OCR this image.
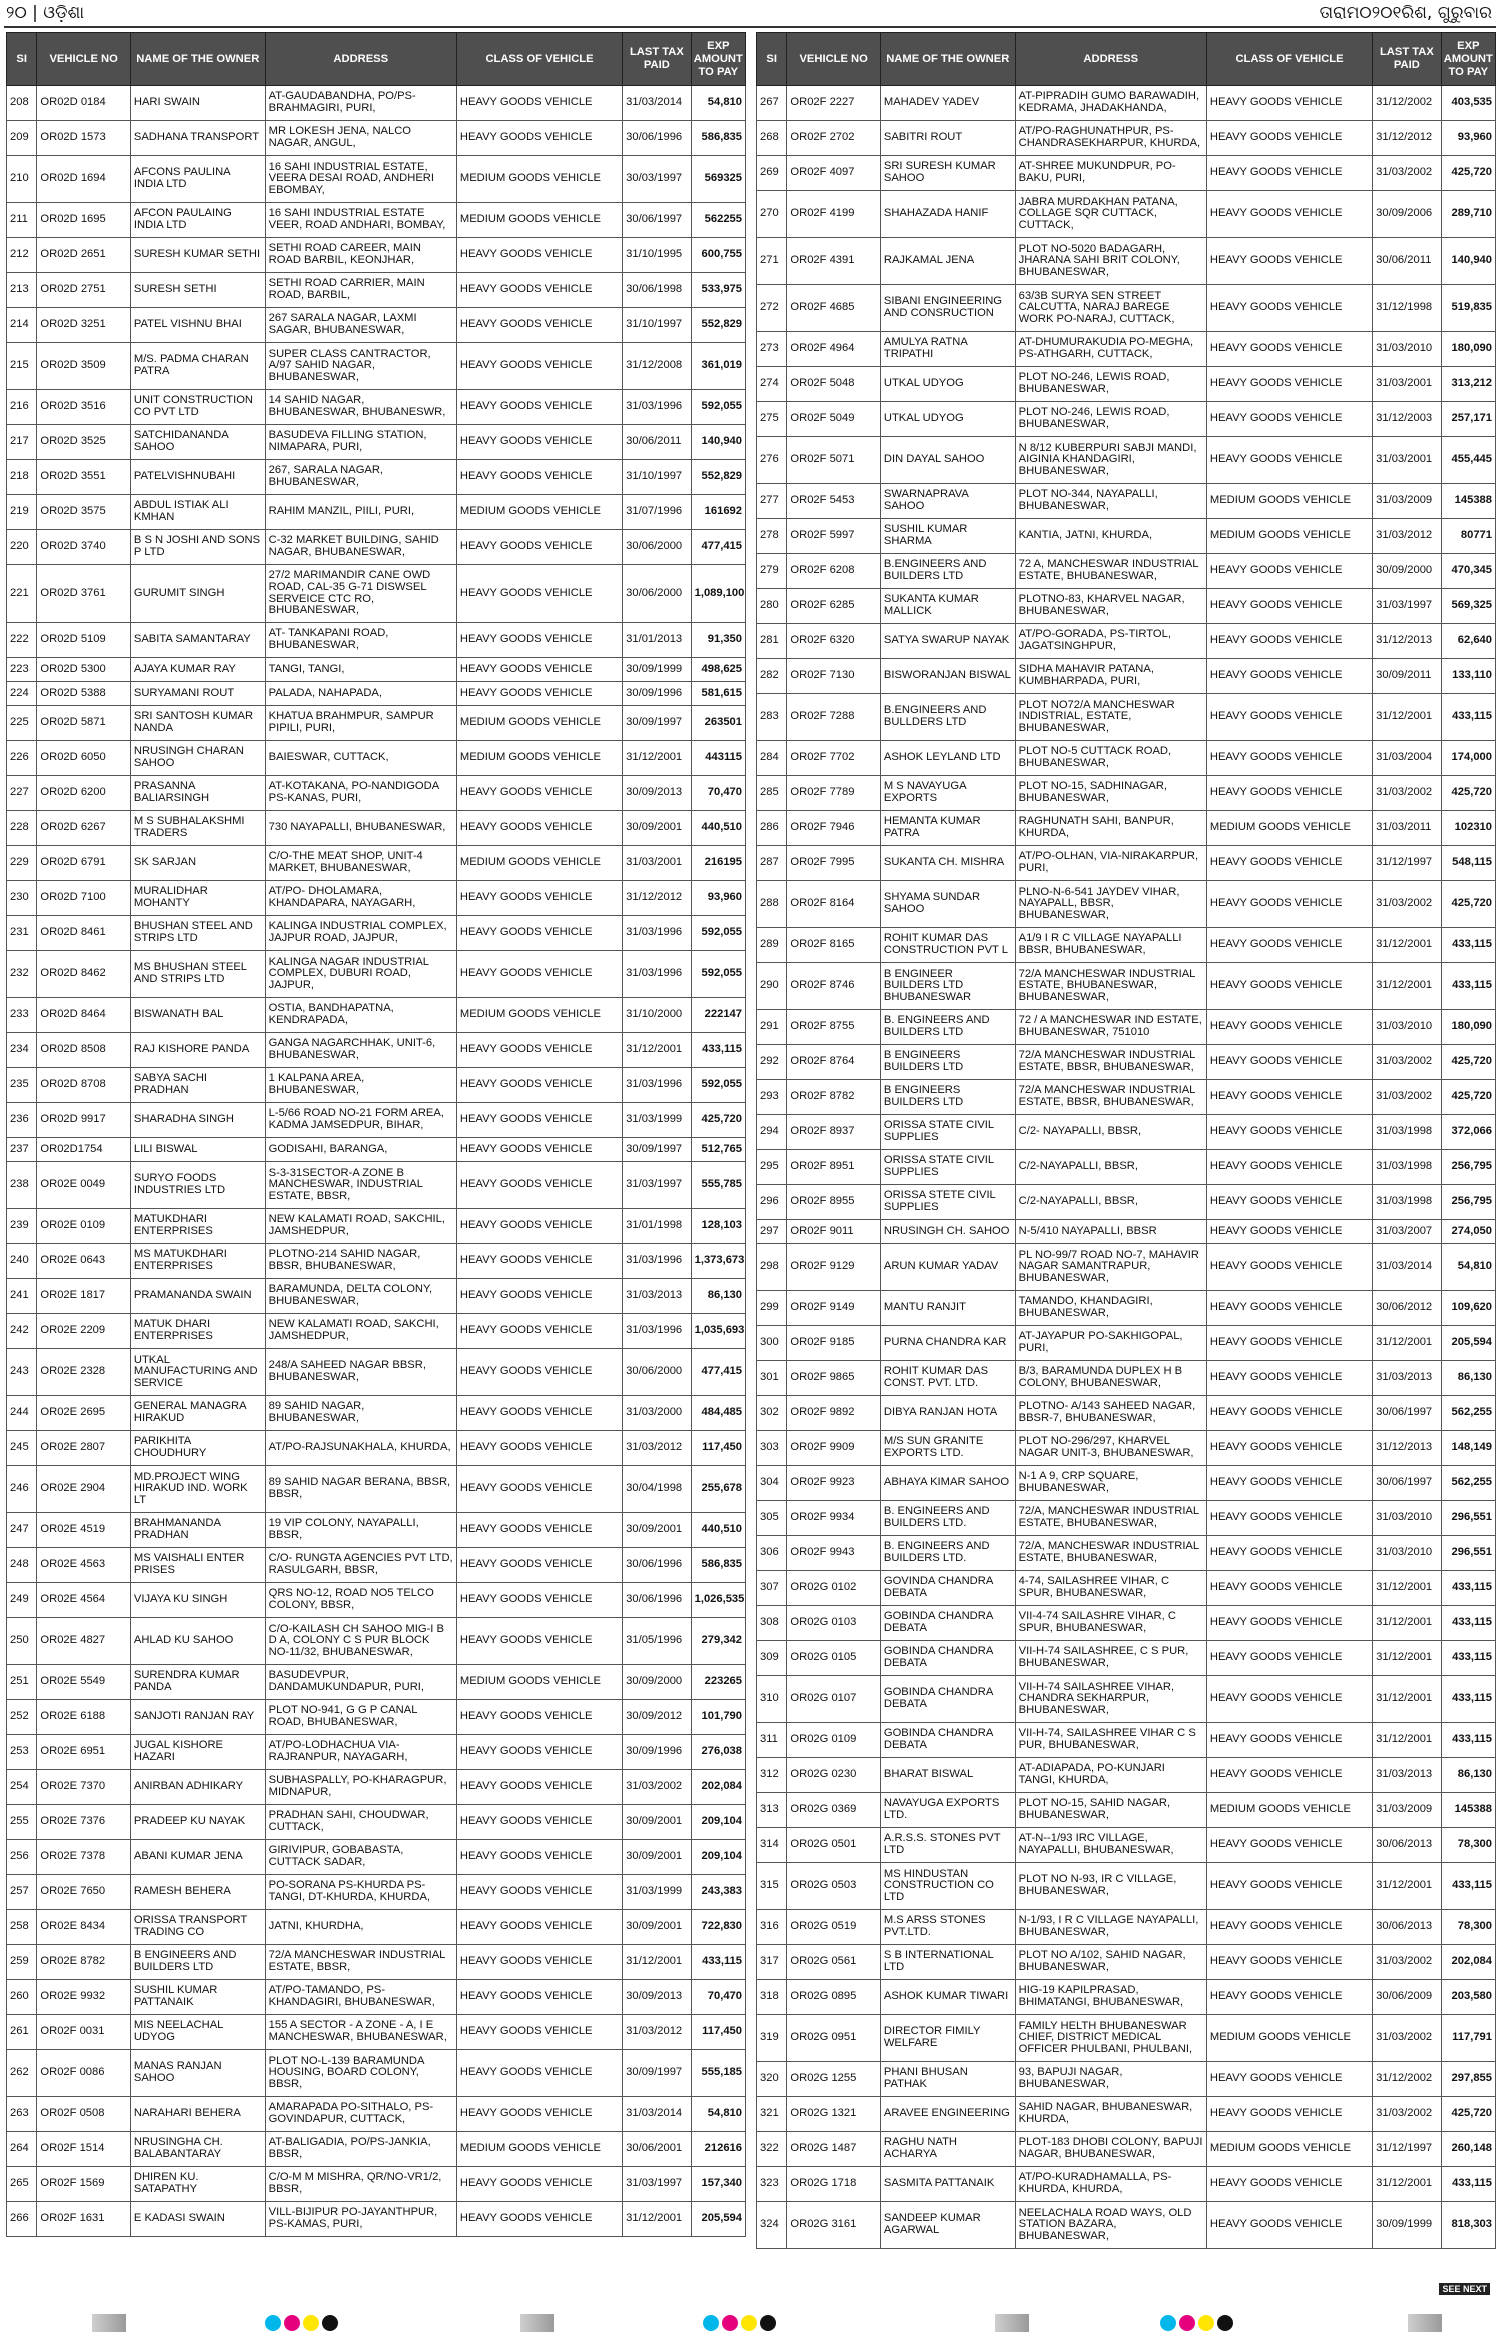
୨୦ | ଓଡ଼ିଶା	ତାରାମ୦୨୦୧ରିଶ, ଗୁରୁବାର
SI	VEHICLE NO	NAME OF THE OWNER	ADDRESS	CLASS OF VEHICLE	LAST TAX PAID	EXP AMOUNT TO PAY
208	OR02D 0184	HARI SWAIN	AT-GAUDABANDHA, PO/PS-BRAHMAGIRI, PURI,	HEAVY GOODS VEHICLE	31/03/2014	54,810
209	OR02D 1573	SADHANA TRANSPORT	MR LOKESH JENA, NALCO NAGAR, ANGUL,	HEAVY GOODS VEHICLE	30/06/1996	586,835
210	OR02D 1694	AFCONS PAULINA INDIA LTD	16 SAHI INDUSTRIAL ESTATE, VEERA DESAI ROAD, ANDHERI EBOMBAY,	MEDIUM GOODS VEHICLE	30/03/1997	569325
211	OR02D 1695	AFCON PAULAING INDIA LTD	16 SAHI INDUSTRIAL ESTATE VEER, ROAD ANDHARI, BOMBAY,	MEDIUM GOODS VEHICLE	30/06/1997	562255
212	OR02D 2651	SURESH KUMAR SETHI	SETHI ROAD CAREER, MAIN ROAD BARBIL, KEONJHAR,	HEAVY GOODS VEHICLE	31/10/1995	600,755
213	OR02D 2751	SURESH SETHI	SETHI ROAD CARRIER, MAIN ROAD, BARBIL,	HEAVY GOODS VEHICLE	30/06/1998	533,975
214	OR02D 3251	PATEL VISHNU BHAI	267 SARALA NAGAR, LAXMI SAGAR, BHUBANESWAR,	HEAVY GOODS VEHICLE	31/10/1997	552,829
215	OR02D 3509	M/S. PADMA CHARAN PATRA	SUPER CLASS CANTRACTOR, A/97 SAHID NAGAR, BHUBANESWAR,	HEAVY GOODS VEHICLE	31/12/2008	361,019
216	OR02D 3516	UNIT CONSTRUCTION CO PVT LTD	14 SAHID NAGAR, BHUBANESWAR, BHUBANESWR,	HEAVY GOODS VEHICLE	31/03/1996	592,055
217	OR02D 3525	SATCHIDANANDA SAHOO	BASUDEVA FILLING STATION, NIMAPARA, PURI,	HEAVY GOODS VEHICLE	30/06/2011	140,940
218	OR02D 3551	PATELVISHNUBAHI	267, SARALA NAGAR, BHUBANESWAR,	HEAVY GOODS VEHICLE	31/10/1997	552,829
219	OR02D 3575	ABDUL ISTIAK ALI KMHAN	RAHIM MANZIL, PIILI, PURI,	MEDIUM GOODS VEHICLE	31/07/1996	161692
220	OR02D 3740	B S N JOSHI AND SONS P LTD	C-32 MARKET BUILDING, SAHID NAGAR, BHUBANESWAR,	HEAVY GOODS VEHICLE	30/06/2000	477,415
221	OR02D 3761	GURUMIT SINGH	27/2 MARIMANDIR CANE OWD ROAD, CAL-35 G-71 DISWSEL SERVEICE CTC RO, BHUBANESWAR,	HEAVY GOODS VEHICLE	30/06/2000	1,089,100
222	OR02D 5109	SABITA SAMANTARAY	AT- TANKAPANI ROAD, BHUBANESWAR,	HEAVY GOODS VEHICLE	31/01/2013	91,350
223	OR02D 5300	AJAYA KUMAR RAY	TANGI, TANGI,	HEAVY GOODS VEHICLE	30/09/1999	498,625
224	OR02D 5388	SURYAMANI ROUT	PALADA, NAHAPADA,	HEAVY GOODS VEHICLE	30/09/1996	581,615
225	OR02D 5871	SRI SANTOSH KUMAR NANDA	KHATUA BRAHMPUR, SAMPUR PIPILI, PURI,	MEDIUM GOODS VEHICLE	30/09/1997	263501
226	OR02D 6050	NRUSINGH CHARAN SAHOO	BAIESWAR, CUTTACK,	MEDIUM GOODS VEHICLE	31/12/2001	443115
227	OR02D 6200	PRASANNA BALIARSINGH	AT-KOTAKANA, PO-NANDIGODA PS-KANAS, PURI,	HEAVY GOODS VEHICLE	30/09/2013	70,470
228	OR02D 6267	M S SUBHALAKSHMI TRADERS	730 NAYAPALLI, BHUBANESWAR,	HEAVY GOODS VEHICLE	30/09/2001	440,510
229	OR02D 6791	SK SARJAN	C/O-THE MEAT SHOP, UNIT-4 MARKET, BHUBANESWAR,	MEDIUM GOODS VEHICLE	31/03/2001	216195
230	OR02D 7100	MURALIDHAR MOHANTY	AT/PO- DHOLAMARA, KHANDAPARA, NAYAGARH,	HEAVY GOODS VEHICLE	31/12/2012	93,960
231	OR02D 8461	BHUSHAN STEEL AND STRIPS LTD	KALINGA INDUSTRIAL COMPLEX, JAJPUR ROAD, JAJPUR,	HEAVY GOODS VEHICLE	31/03/1996	592,055
232	OR02D 8462	MS BHUSHAN STEEL AND STRIPS LTD	KALINGA NAGAR INDUSTRIAL COMPLEX, DUBURI ROAD, JAJPUR,	HEAVY GOODS VEHICLE	31/03/1996	592,055
233	OR02D 8464	BISWANATH BAL	OSTIA, BANDHAPATNA, KENDRAPADA,	MEDIUM GOODS VEHICLE	31/10/2000	222147
234	OR02D 8508	RAJ KISHORE PANDA	GANGA NAGARCHHAK, UNIT-6, BHUBANESWAR,	HEAVY GOODS VEHICLE	31/12/2001	433,115
235	OR02D 8708	SABYA SACHI PRADHAN	1 KALPANA AREA, BHUBANESWAR,	HEAVY GOODS VEHICLE	31/03/1996	592,055
236	OR02D 9917	SHARADHA SINGH	L-5/66 ROAD NO-21 FORM AREA, KADMA JAMSEDPUR, BIHAR,	HEAVY GOODS VEHICLE	31/03/1999	425,720
237	OR02D1754	LILI BISWAL	GODISAHI, BARANGA,	HEAVY GOODS VEHICLE	30/09/1997	512,765
238	OR02E 0049	SURYO FOODS INDUSTRIES LTD	S-3-31SECTOR-A ZONE B MANCHESWAR, INDUSTRIAL ESTATE, BBSR,	HEAVY GOODS VEHICLE	31/03/1997	555,785
239	OR02E 0109	MATUKDHARI ENTERPRISES	NEW KALAMATI ROAD, SAKCHIL, JAMSHEDPUR,	HEAVY GOODS VEHICLE	31/01/1998	128,103
240	OR02E 0643	MS MATUKDHARI ENTERPRISES	PLOTNO-214 SAHID NAGAR, BBSR, BHUBANESWAR,	HEAVY GOODS VEHICLE	31/03/1996	1,373,673
241	OR02E 1817	PRAMANANDA SWAIN	BARAMUNDA, DELTA COLONY, BHUBANESWAR,	HEAVY GOODS VEHICLE	31/03/2013	86,130
242	OR02E 2209	MATUK DHARI ENTERPRISES	NEW KALAMATI ROAD, SAKCHI, JAMSHEDPUR,	HEAVY GOODS VEHICLE	31/03/1996	1,035,693
243	OR02E 2328	UTKAL MANUFACTURING AND SERVICE	248/A SAHEED NAGAR BBSR, BHUBANESWAR,	HEAVY GOODS VEHICLE	30/06/2000	477,415
244	OR02E 2695	GENERAL MANAGRA HIRAKUD	89 SAHID NAGAR, BHUBANESWAR,	HEAVY GOODS VEHICLE	31/03/2000	484,485
245	OR02E 2807	PARIKHITA CHOUDHURY	AT/PO-RAJSUNAKHALA, KHURDA,	HEAVY GOODS VEHICLE	31/03/2012	117,450
246	OR02E 2904	MD.PROJECT WING HIRAKUD IND. WORK LT	89 SAHID NAGAR BERANA, BBSR, BBSR,	HEAVY GOODS VEHICLE	30/04/1998	255,678
247	OR02E 4519	BRAHMANANDA PRADHAN	19 VIP COLONY, NAYAPALLI, BBSR,	HEAVY GOODS VEHICLE	30/09/2001	440,510
248	OR02E 4563	MS VAISHALI ENTER PRISES	C/O- RUNGTA AGENCIES PVT LTD, RASULGARH, BBSR,	HEAVY GOODS VEHICLE	30/06/1996	586,835
249	OR02E 4564	VIJAYA KU SINGH	QRS NO-12, ROAD NO5 TELCO COLONY, BBSR,	HEAVY GOODS VEHICLE	30/06/1996	1,026,535
250	OR02E 4827	AHLAD KU SAHOO	C/O-KAILASH CH SAHOO MIG-I B D A, COLONY C S PUR BLOCK NO-11/32, BHUBANESWAR,	HEAVY GOODS VEHICLE	31/05/1996	279,342
251	OR02E 5549	SURENDRA KUMAR PANDA	BASUDEVPUR, DANDAMUKUNDAPUR, PURI,	MEDIUM GOODS VEHICLE	30/09/2000	223265
252	OR02E 6188	SANJOTI RANJAN RAY	PLOT NO-941, G G P CANAL ROAD, BHUBANESWAR,	HEAVY GOODS VEHICLE	30/09/2012	101,790
253	OR02E 6951	JUGAL KISHORE HAZARI	AT/PO-LODHACHUA VIA-RAJRANPUR, NAYAGARH,	HEAVY GOODS VEHICLE	30/09/1996	276,038
254	OR02E 7370	ANIRBAN ADHIKARY	SUBHASPALLY, PO-KHARAGPUR, MIDNAPUR,	HEAVY GOODS VEHICLE	31/03/2002	202,084
255	OR02E 7376	PRADEEP KU NAYAK	PRADHAN SAHI, CHOUDWAR, CUTTACK,	HEAVY GOODS VEHICLE	30/09/2001	209,104
256	OR02E 7378	ABANI KUMAR JENA	GIRIVIPUR, GOBABASTA, CUTTACK SADAR,	HEAVY GOODS VEHICLE	30/09/2001	209,104
257	OR02E 7650	RAMESH BEHERA	PO-SORANA PS-KHURDA PS-TANGI, DT-KHURDA, KHURDA,	HEAVY GOODS VEHICLE	31/03/1999	243,383
258	OR02E 8434	ORISSA TRANSPORT TRADING CO	JATNI, KHURDHA,	HEAVY GOODS VEHICLE	30/09/2001	722,830
259	OR02E 8782	B ENGINEERS AND BUILDERS LTD	72/A MANCHESWAR INDUSTRIAL ESTATE, BBSR,	HEAVY GOODS VEHICLE	31/12/2001	433,115
260	OR02E 9932	SUSHIL KUMAR PATTANAIK	AT/PO-TAMANDO, PS-KHANDAGIRI, BHUBANESWAR,	HEAVY GOODS VEHICLE	30/09/2013	70,470
261	OR02F 0031	MIS NEELACHAL UDYOG	155 A SECTOR - A ZONE - A, I E MANCHESWAR, BHUBANESWAR,	HEAVY GOODS VEHICLE	31/03/2012	117,450
262	OR02F 0086	MANAS RANJAN SAHOO	PLOT NO-L-139 BARAMUNDA HOUSING, BOARD COLONY, BBSR,	HEAVY GOODS VEHICLE	30/09/1997	555,185
263	OR02F 0508	NARAHARI BEHERA	AMARAPADA PO-SITHALO, PS-GOVINDAPUR, CUTTACK,	HEAVY GOODS VEHICLE	31/03/2014	54,810
264	OR02F 1514	NRUSINGHA CH. BALABANTARAY	AT-BALIGADIA, PO/PS-JANKIA, BBSR,	MEDIUM GOODS VEHICLE	30/06/2001	212616
265	OR02F 1569	DHIREN KU. SATAPATHY	C/O-M M MISHRA, QR/NO-VR1/2, BBSR,	HEAVY GOODS VEHICLE	31/03/1997	157,340
266	OR02F 1631	E KADASI SWAIN	VILL-BIJIPUR PO-JAYANTHPUR, PS-KAMAS, PURI,	HEAVY GOODS VEHICLE	31/12/2001	205,594
SI	VEHICLE NO	NAME OF THE OWNER	ADDRESS	CLASS OF VEHICLE	LAST TAX PAID	EXP AMOUNT TO PAY
267	OR02F 2227	MAHADEV YADEV	AT-PIPRADIH GUMO BARAWADIH, KEDRAMA, JHADAKHANDA,	HEAVY GOODS VEHICLE	31/12/2002	403,535
268	OR02F 2702	SABITRI ROUT	AT/PO-RAGHUNATHPUR, PS-CHANDRASEKHARPUR, KHURDA,	HEAVY GOODS VEHICLE	31/12/2012	93,960
269	OR02F 4097	SRI SURESH KUMAR SAHOO	AT-SHREE MUKUNDPUR, PO-BAKU, PURI,	HEAVY GOODS VEHICLE	31/03/2002	425,720
270	OR02F 4199	SHAHAZADA HANIF	JABRA MURDAKHAN PATANA, COLLAGE SQR CUTTACK, CUTTACK,	HEAVY GOODS VEHICLE	30/09/2006	289,710
271	OR02F 4391	RAJKAMAL JENA	PLOT NO-5020 BADAGARH, JHARANA SAHI BRIT COLONY, BHUBANESWAR,	HEAVY GOODS VEHICLE	30/06/2011	140,940
272	OR02F 4685	SIBANI ENGINEERING AND CONSRUCTION	63/3B SURYA SEN STREET CALCUTTA, NARAJ BAREGE WORK PO-NARAJ, CUTTACK,	HEAVY GOODS VEHICLE	31/12/1998	519,835
273	OR02F 4964	AMULYA RATNA TRIPATHI	AT-DHUMURAKUDIA PO-MEGHA, PS-ATHGARH, CUTTACK,	HEAVY GOODS VEHICLE	31/03/2010	180,090
274	OR02F 5048	UTKAL UDYOG	PLOT NO-246, LEWIS ROAD, BHUBANESWAR,	HEAVY GOODS VEHICLE	31/03/2001	313,212
275	OR02F 5049	UTKAL UDYOG	PLOT NO-246, LEWIS ROAD, BHUBANESWAR,	HEAVY GOODS VEHICLE	31/12/2003	257,171
276	OR02F 5071	DIN DAYAL SAHOO	N 8/12 KUBERPURI SABJI MANDI, AIGINIA KHANDAGIRI, BHUBANESWAR,	HEAVY GOODS VEHICLE	31/03/2001	455,445
277	OR02F 5453	SWARNAPRAVA SAHOO	PLOT NO-344, NAYAPALLI, BHUBANESWAR,	MEDIUM GOODS VEHICLE	31/03/2009	145388
278	OR02F 5997	SUSHIL KUMAR SHARMA	KANTIA, JATNI, KHURDA,	MEDIUM GOODS VEHICLE	31/03/2012	80771
279	OR02F 6208	B.ENGINEERS AND BUILDERS LTD	72 A, MANCHESWAR INDUSTRIAL ESTATE, BHUBANESWAR,	HEAVY GOODS VEHICLE	30/09/2000	470,345
280	OR02F 6285	SUKANTA KUMAR MALLICK	PLOTNO-83, KHARVEL NAGAR, BHUBANESWAR,	HEAVY GOODS VEHICLE	31/03/1997	569,325
281	OR02F 6320	SATYA SWARUP NAYAK	AT/PO-GORADA, PS-TIRTOL, JAGATSINGHPUR,	HEAVY GOODS VEHICLE	31/12/2013	62,640
282	OR02F 7130	BISWORANJAN BISWAL	SIDHA MAHAVIR PATANA, KUMBHARPADA, PURI,	HEAVY GOODS VEHICLE	30/09/2011	133,110
283	OR02F 7288	B.ENGINEERS AND BULLDERS LTD	PLOT NO72/A MANCHESWAR INDISTRIAL, ESTATE, BHUBANESWAR,	HEAVY GOODS VEHICLE	31/12/2001	433,115
284	OR02F 7702	ASHOK LEYLAND LTD	PLOT NO-5 CUTTACK ROAD, BHUBANESWAR,	HEAVY GOODS VEHICLE	31/03/2004	174,000
285	OR02F 7789	M S NAVAYUGA EXPORTS	PLOT NO-15, SADHINAGAR, BHUBANESWAR,	HEAVY GOODS VEHICLE	31/03/2002	425,720
286	OR02F 7946	HEMANTA KUMAR PATRA	RAGHUNATH SAHI, BANPUR, KHURDA,	MEDIUM GOODS VEHICLE	31/03/2011	102310
287	OR02F 7995	SUKANTA CH. MISHRA	AT/PO-OLHAN, VIA-NIRAKARPUR, PURI,	HEAVY GOODS VEHICLE	31/12/1997	548,115
288	OR02F 8164	SHYAMA SUNDAR SAHOO	PLNO-N-6-541 JAYDEV VIHAR, NAYAPALL, BBSR, BHUBANESWAR,	HEAVY GOODS VEHICLE	31/03/2002	425,720
289	OR02F 8165	ROHIT KUMAR DAS CONSTRUCTION PVT L	A1/9 I R C VILLAGE NAYAPALLI BBSR, BHUBANESWAR,	HEAVY GOODS VEHICLE	31/12/2001	433,115
290	OR02F 8746	B ENGINEER BUILDERS LTD BHUBANESWAR	72/A MANCHESWAR INDUSTRIAL ESTATE, BHUBANESWAR, BHUBANESWAR,	HEAVY GOODS VEHICLE	31/12/2001	433,115
291	OR02F 8755	B. ENGINEERS AND BUILDERS LTD	72 / A MANCHESWAR IND ESTATE, BHUBANESWAR, 751010	HEAVY GOODS VEHICLE	31/03/2010	180,090
292	OR02F 8764	B ENGINEERS BUILDERS LTD	72/A MANCHESWAR INDUSTRIAL ESTATE, BBSR, BHUBANESWAR,	HEAVY GOODS VEHICLE	31/03/2002	425,720
293	OR02F 8782	B ENGINEERS BUILDERS LTD	72/A MANCHESWAR INDUSTRIAL ESTATE, BBSR, BHUBANESWAR,	HEAVY GOODS VEHICLE	31/03/2002	425,720
294	OR02F 8937	ORISSA STATE CIVIL SUPPLIES	C/2- NAYAPALLI, BBSR,	HEAVY GOODS VEHICLE	31/03/1998	372,066
295	OR02F 8951	ORISSA STATE CIVIL SUPPLIES	C/2-NAYAPALLI, BBSR,	HEAVY GOODS VEHICLE	31/03/1998	256,795
296	OR02F 8955	ORISSA STETE CIVIL SUPPLIES	C/2-NAYAPALLI, BBSR,	HEAVY GOODS VEHICLE	31/03/1998	256,795
297	OR02F 9011	NRUSINGH CH. SAHOO	N-5/410 NAYAPALLI, BBSR	HEAVY GOODS VEHICLE	31/03/2007	274,050
298	OR02F 9129	ARUN KUMAR YADAV	PL NO-99/7 ROAD NO-7, MAHAVIR NAGAR SAMANTRAPUR, BHUBANESWAR,	HEAVY GOODS VEHICLE	31/03/2014	54,810
299	OR02F 9149	MANTU RANJIT	TAMANDO, KHANDAGIRI, BHUBANESWAR,	HEAVY GOODS VEHICLE	30/06/2012	109,620
300	OR02F 9185	PURNA CHANDRA KAR	AT-JAYAPUR PO-SAKHIGOPAL, PURI,	HEAVY GOODS VEHICLE	31/12/2001	205,594
301	OR02F 9865	ROHIT KUMAR DAS CONST. PVT. LTD.	B/3, BARAMUNDA DUPLEX H B COLONY, BHUBANESWAR,	HEAVY GOODS VEHICLE	31/03/2013	86,130
302	OR02F 9892	DIBYA RANJAN HOTA	PLOTNO- A/143 SAHEED NAGAR, BBSR-7, BHUBANESWAR,	HEAVY GOODS VEHICLE	30/06/1997	562,255
303	OR02F 9909	M/S SUN GRANITE EXPORTS LTD.	PLOT NO-296/297, KHARVEL NAGAR UNIT-3, BHUBANESWAR,	HEAVY GOODS VEHICLE	31/12/2013	148,149
304	OR02F 9923	ABHAYA KIMAR SAHOO	N-1 A 9, CRP SQUARE, BHUBANESWAR,	HEAVY GOODS VEHICLE	30/06/1997	562,255
305	OR02F 9934	B. ENGINEERS AND BUILDERS LTD.	72/A, MANCHESWAR INDUSTRIAL ESTATE, BHUBANESWAR,	HEAVY GOODS VEHICLE	31/03/2010	296,551
306	OR02F 9943	B. ENGINEERS AND BUILDERS LTD.	72/A, MANCHESWAR INDUSTRIAL ESTATE, BHUBANESWAR,	HEAVY GOODS VEHICLE	31/03/2010	296,551
307	OR02G 0102	GOVINDA CHANDRA DEBATA	4-74, SAILASHREE VIHAR, C SPUR, BHUBANESWAR,	HEAVY GOODS VEHICLE	31/12/2001	433,115
308	OR02G 0103	GOBINDA CHANDRA DEBATA	VII-4-74 SAILASHRE VIHAR, C SPUR, BHUBANESWAR,	HEAVY GOODS VEHICLE	31/12/2001	433,115
309	OR02G 0105	GOBINDA CHANDRA DEBATA	VII-H-74 SAILASHREE, C S PUR, BHUBANESWAR,	HEAVY GOODS VEHICLE	31/12/2001	433,115
310	OR02G 0107	GOBINDA CHANDRA DEBATA	VII-H-74 SAILASHREE VIHAR, CHANDRA SEKHARPUR, BHUBANESWAR,	HEAVY GOODS VEHICLE	31/12/2001	433,115
311	OR02G 0109	GOBINDA CHANDRA DEBATA	VII-H-74, SAILASHREE VIHAR C S PUR, BHUBANESWAR,	HEAVY GOODS VEHICLE	31/12/2001	433,115
312	OR02G 0230	BHARAT BISWAL	AT-ADIAPADA, PO-KUNJARI TANGI, KHURDA,	HEAVY GOODS VEHICLE	31/03/2013	86,130
313	OR02G 0369	NAVAYUGA EXPORTS LTD.	PLOT NO-15, SAHID NAGAR, BHUBANESWAR,	MEDIUM GOODS VEHICLE	31/03/2009	145388
314	OR02G 0501	A.R.S.S. STONES PVT LTD	AT-N--1/93 IRC VILLAGE, NAYAPALLI, BHUBANESWAR,	HEAVY GOODS VEHICLE	30/06/2013	78,300
315	OR02G 0503	MS HINDUSTAN CONSTRUCTION CO LTD	PLOT NO N-93, IR C VILLAGE, BHUBANESWAR,	HEAVY GOODS VEHICLE	31/12/2001	433,115
316	OR02G 0519	M.S ARSS STONES PVT.LTD.	N-1/93, I R C VILLAGE NAYAPALLI, BHUBANESWAR,	HEAVY GOODS VEHICLE	30/06/2013	78,300
317	OR02G 0561	S B INTERNATIONAL LTD	PLOT NO A/102, SAHID NAGAR, BHUBANESWAR,	HEAVY GOODS VEHICLE	31/03/2002	202,084
318	OR02G 0895	ASHOK KUMAR TIWARI	HIG-19 KAPILPRASAD, BHIMATANGI, BHUBANESWAR,	HEAVY GOODS VEHICLE	30/06/2009	203,580
319	OR02G 0951	DIRECTOR FIMILY WELFARE	FAMILY HELTH BHUBANESWAR CHIEF, DISTRICT MEDICAL OFFICER PHULBANI, PHULBANI,	MEDIUM GOODS VEHICLE	31/03/2002	117,791
320	OR02G 1255	PHANI BHUSAN PATHAK	93, BAPUJI NAGAR, BHUBANESWAR,	HEAVY GOODS VEHICLE	31/12/2002	297,855
321	OR02G 1321	ARAVEE ENGINEERING	SAHID NAGAR, BHUBANESWAR, KHURDA,	HEAVY GOODS VEHICLE	31/03/2002	425,720
322	OR02G 1487	RAGHU NATH ACHARYA	PLOT-183 DHOBI COLONY, BAPUJI NAGAR, BHUBANESWAR,	MEDIUM GOODS VEHICLE	31/12/1997	260,148
323	OR02G 1718	SASMITA PATTANAIK	AT/PO-KURADHAMALLA, PS-KHURDA, KHURDA,	HEAVY GOODS VEHICLE	31/12/2001	433,115
324	OR02G 3161	SANDEEP KUMAR AGARWAL	NEELACHALA ROAD WAYS, OLD STATION BAZARA, BHUBANESWAR,	HEAVY GOODS VEHICLE	30/09/1999	818,303
SEE NEXT
